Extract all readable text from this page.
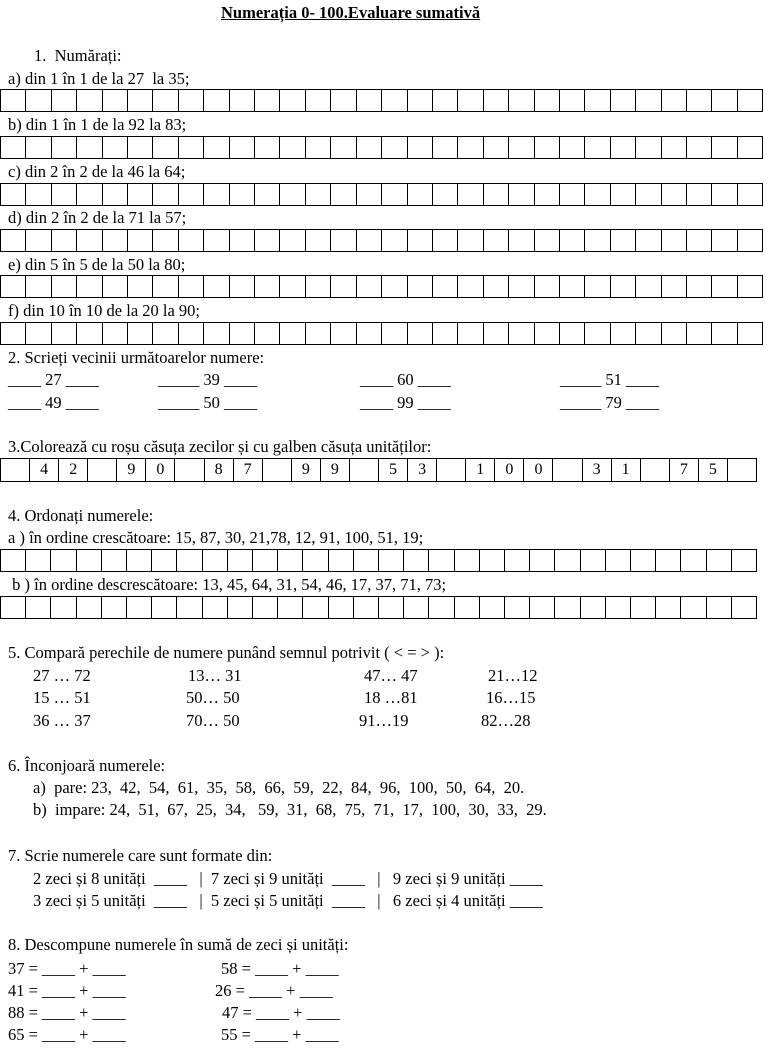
Numerația 0- 100.Evaluare sumativă
1.  Numărați:
a) din 1 în 1 de la 27  la 35;
b) din 1 în 1 de la 92 la 83;
c) din 2 în 2 de la 46 la 64;
d) din 2 în 2 de la 71 la 57;
e) din 5 în 5 de la 50 la 80;
f) din 10 în 10 de la 20 la 90;
2. Scrieți vecinii următoarelor numere:
____ 27 ____	_____ 39 ____	____ 60 ____	_____ 51 ____
____ 49 ____	_____ 50 ____	____ 99 ____	_____ 79 ____
3.Colorează cu roșu căsuța zecilor și cu galben căsuța unităților:
4	2	9	0	8	7	9	9	5	3	1	0	0	3	1	7	5
4. Ordonați numerele:
a ) în ordine crescătoare: 15, 87, 30, 21,78, 12, 91, 100, 51, 19;
b ) în ordine descrescătoare: 13, 45, 64, 31, 54, 46, 17, 37, 71, 73;
5. Compară perechile de numere punând semnul potrivit ( < = > ):
27 … 72	13… 31	47… 47	21…12
15 … 51	50… 50	18 …81	16…15
36 … 37	70… 50	91…19	82…28
6. Înconjoară numerele:
a)  pare: 23,  42,  54,  61,  35,  58,  66,  59,  22,  84,  96,  100,  50,  64,  20.
b)  impare: 24,  51,  67,  25,  34,   59,  31,  68,  75,  71,  17,  100,  30,  33,  29.
7. Scrie numerele care sunt formate din:
2 zeci și 8 unități  ____   |  7 zeci și 9 unități  ____   |   9 zeci și 9 unități ____
3 zeci și 5 unități  ____   |  5 zeci și 5 unități  ____   |   6 zeci și 4 unități ____
8. Descompune numerele în sumă de zeci și unități:
37 = ____ + ____	58 = ____ + ____
41 = ____ + ____	26 = ____ + ____
88 = ____ + ____	47 = ____ + ____
65 = ____ + ____	55 = ____ + ____
